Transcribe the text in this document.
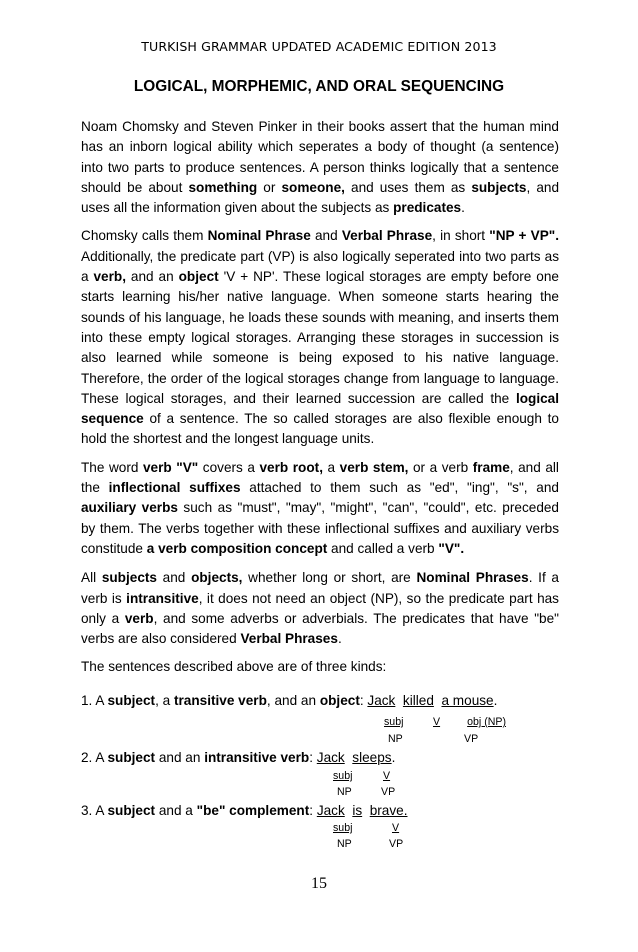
TURKISH GRAMMAR UPDATED ACADEMIC EDITION 2013
LOGICAL, MORPHEMIC, AND ORAL SEQUENCING

Noam Chomsky and Steven Pinker in their books assert that the human mind has an inborn logical ability which seperates a body of thought (a sentence) into two parts to produce sentences. A person thinks logically that a sentence should be about something or someone, and uses them as subjects, and uses all the information given about the subjects as predicates.

Chomsky calls them Nominal Phrase and Verbal Phrase, in short "NP + VP". Additionally, the predicate part (VP) is also logically seperated into two parts as a verb, and an object 'V + NP'. These logical storages are empty before one starts learning his/her native language. When someone starts hearing the sounds of his language, he loads these sounds with meaning, and inserts them into these empty logical storages. Arranging these storages in succession is also learned while someone is being exposed to his native language. Therefore, the order of the logical storages change from language to language. These logical storages, and their learned succession are called the logical sequence of a sentence. The so called storages are also flexible enough to hold the shortest and the longest language units.

The word verb "V" covers a verb root, a verb stem, or a verb frame, and all the inflectional suffixes attached to them such as "ed", "ing", "s", and auxiliary verbs such as "must", "may", "might", "can", "could", etc. preceded by them. The verbs together with these inflectional suffixes and auxiliary verbs constitude a verb composition concept and called a verb "V".

All subjects and objects, whether long or short, are Nominal Phrases. If a verb is intransitive, it does not need an object (NP), so the predicate part has only a verb, and some adverbs or adverbials. The predicates that have "be" verbs are also considered Verbal Phrases.

The sentences described above are of three kinds:

1. A subject, a transitive verb, and an object: Jack killed a mouse.
subj	V	obj (NP)
NP	VP
2. A subject and an intransitive verb: Jack sleeps.
subj	V
NP	VP
3. A subject and a "be" complement: Jack is brave.
subj	V
NP	VP
15
